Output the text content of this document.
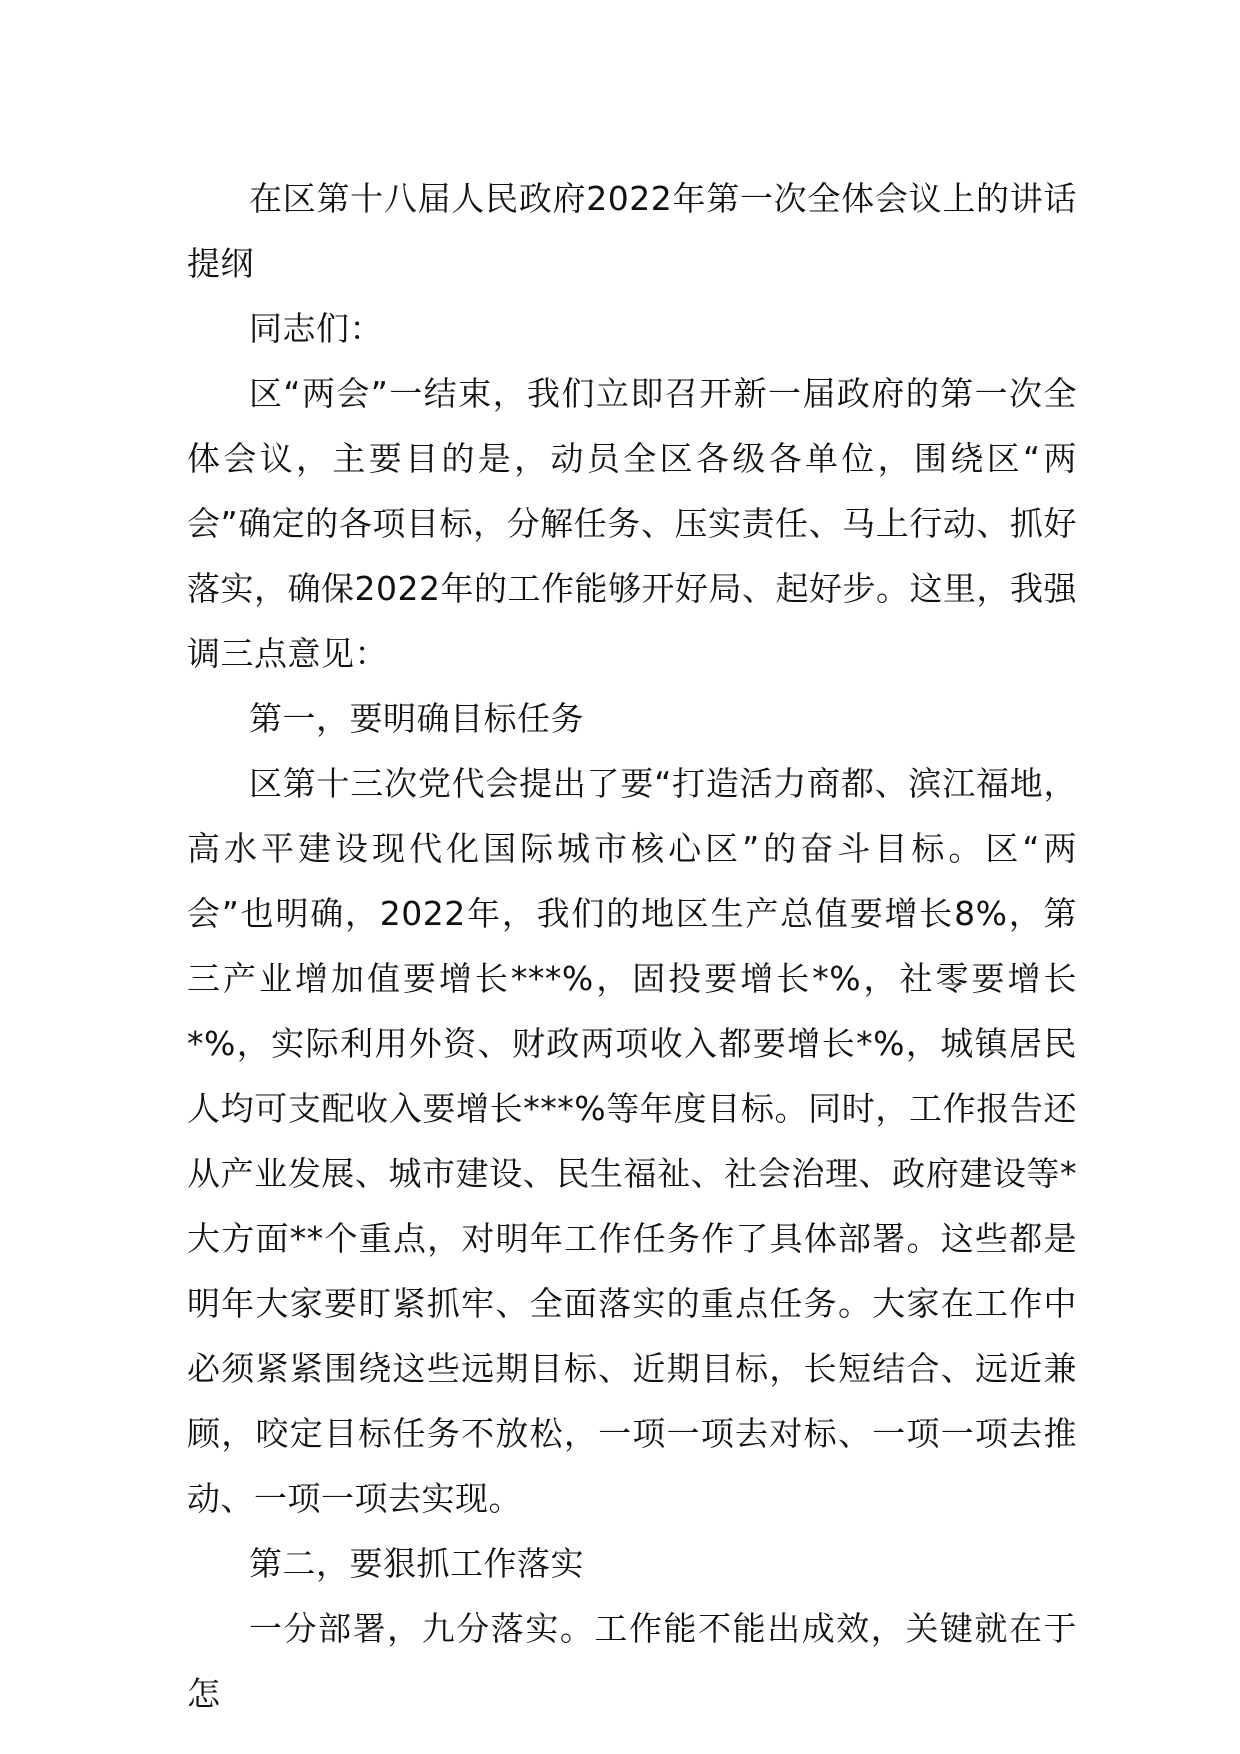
在区第十八届人民政府2022年第一次全体会议上的讲话提纲

同志们：

区“两会”一结束，我们立即召开新一届政府的第一次全体会议，主要目的是，动员全区各级各单位，围绕区“两会”确定的各项目标，分解任务、压实责任、马上行动、抓好落实，确保2022年的工作能够开好局、起好步。这里，我强调三点意见：

第一，要明确目标任务

区第十三次党代会提出了要“打造活力商都、滨江福地，高水平建设现代化国际城市核心区”的奋斗目标。区“两会”也明确，2022年，我们的地区生产总值要增长8%，第三产业增加值要增长***%，固投要增长*%，社零要增长*%，实际利用外资、财政两项收入都要增长*%，城镇居民人均可支配收入要增长***%等年度目标。同时，工作报告还从产业发展、城市建设、民生福祉、社会治理、政府建设等*大方面**个重点，对明年工作任务作了具体部署。这些都是明年大家要盯紧抓牢、全面落实的重点任务。大家在工作中必须紧紧围绕这些远期目标、近期目标，长短结合、远近兼顾，咬定目标任务不放松，一项一项去对标、一项一项去推动、一项一项去实现。

第二，要狠抓工作落实

一分部署，九分落实。工作能不能出成效，关键就在于怎
